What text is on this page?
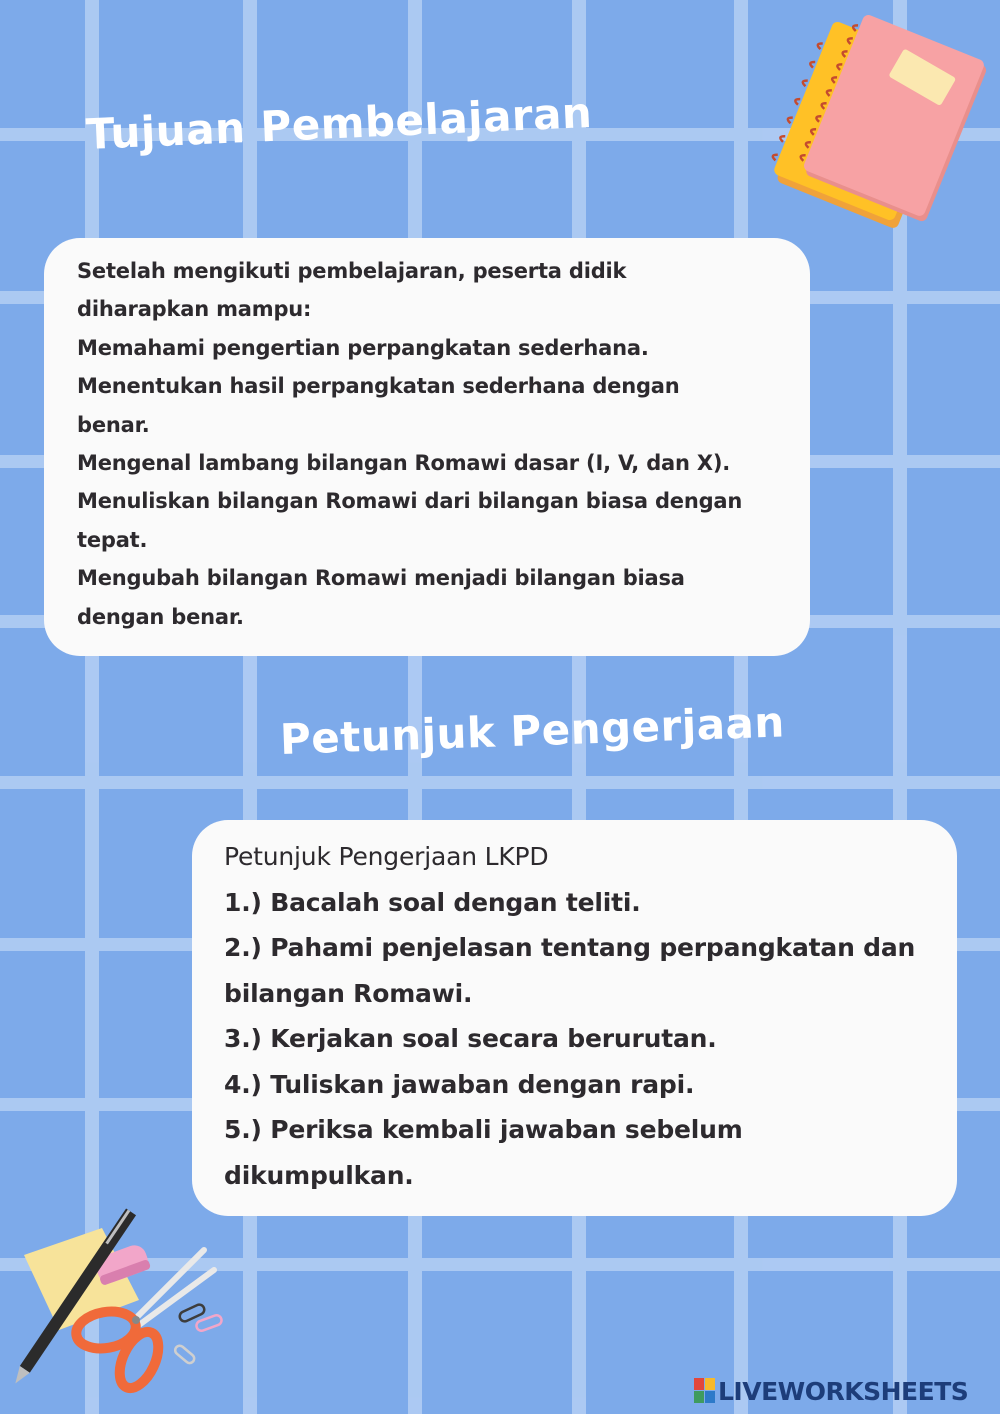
Tujuan Pembelajaran
Setelah mengikuti pembelajaran, peserta didik
diharapkan mampu:
Memahami pengertian perpangkatan sederhana.
Menentukan hasil perpangkatan sederhana dengan
benar.
Mengenal lambang bilangan Romawi dasar (I, V, dan X).
Menuliskan bilangan Romawi dari bilangan biasa dengan
tepat.
Mengubah bilangan Romawi menjadi bilangan biasa
dengan benar.
Petunjuk Pengerjaan
Petunjuk Pengerjaan LKPD
1.) Bacalah soal dengan teliti.
2.) Pahami penjelasan tentang perpangkatan dan
bilangan Romawi.
3.) Kerjakan soal secara berurutan.
4.) Tuliskan jawaban dengan rapi.
5.) Periksa kembali jawaban sebelum
dikumpulkan.
LIVEWORKSHEETS
